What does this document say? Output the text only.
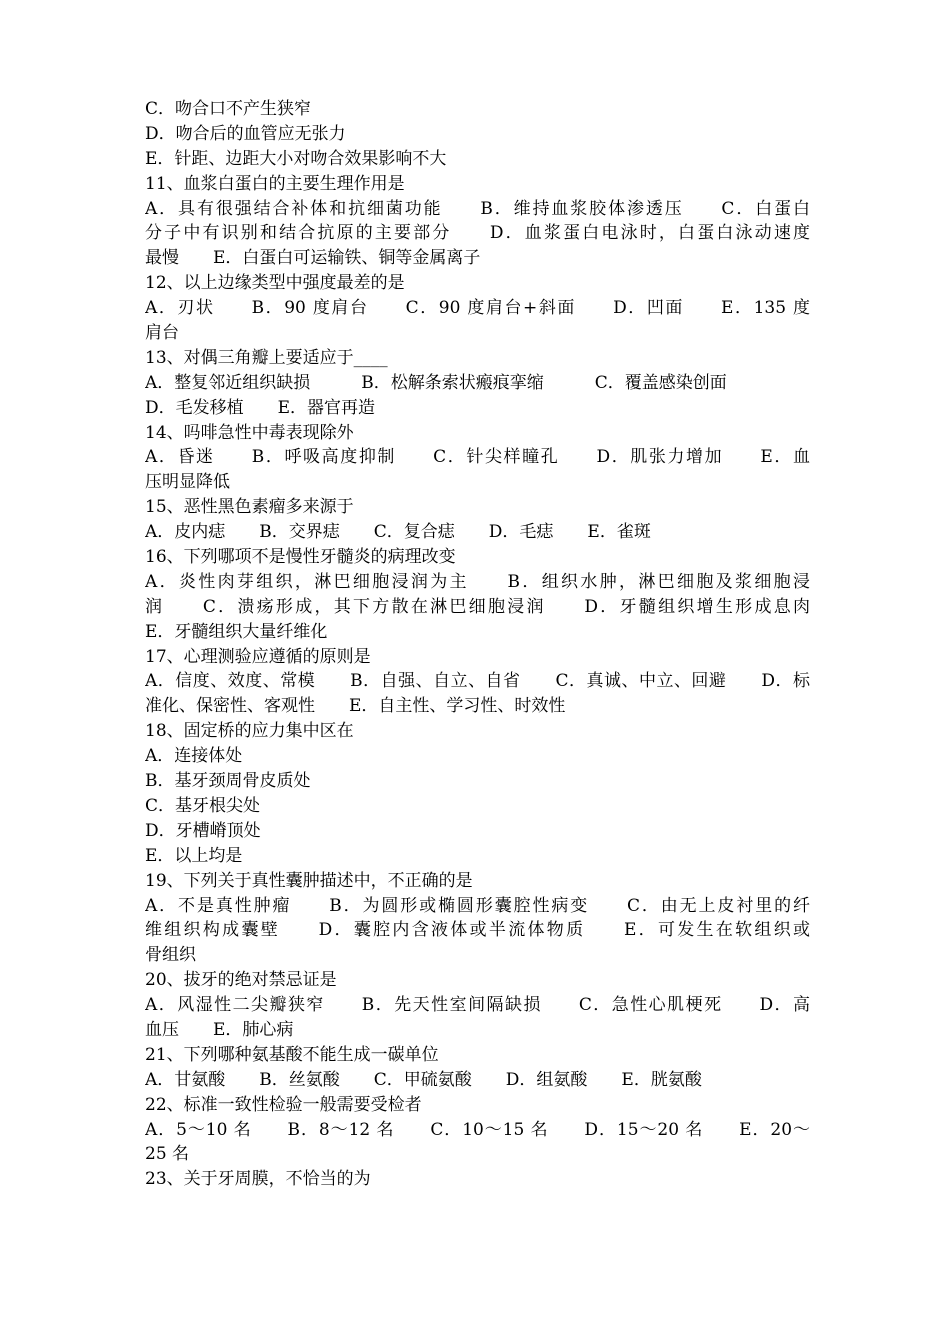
C．吻合口不产生狭窄
D．吻合后的血管应无张力
E．针距、边距大小对吻合效果影响不大
11、血浆白蛋白的主要生理作用是
A．具有很强结合补体和抗细菌功能　　B．维持血浆胶体渗透压　　C．白蛋白
分子中有识别和结合抗原的主要部分　　D．血浆蛋白电泳时，白蛋白泳动速度
最慢　　E．白蛋白可运输铁、铜等金属离子
12、以上边缘类型中强度最差的是
A．刃状　　B．90 度肩台　　C．90 度肩台+斜面　　D．凹面　　E．135 度
肩台
13、对偶三角瓣上要适应于____
A．整复邻近组织缺损　　　B．松解条索状瘢痕挛缩　　　C．覆盖感染创面
D．毛发移植　　E．器官再造
14、吗啡急性中毒表现除外
A．昏迷　　B．呼吸高度抑制　　C．针尖样瞳孔　　D．肌张力增加　　E．血
压明显降低
15、恶性黑色素瘤多来源于
A．皮内痣　　B．交界痣　　C．复合痣　　D．毛痣　　E．雀斑
16、下列哪项不是慢性牙髓炎的病理改变
A．炎性肉芽组织，淋巴细胞浸润为主　　B．组织水肿，淋巴细胞及浆细胞浸
润　　C．溃疡形成，其下方散在淋巴细胞浸润　　D．牙髓组织增生形成息肉
E．牙髓组织大量纤维化
17、心理测验应遵循的原则是
A．信度、效度、常模　　B．自强、自立、自省　　C．真诚、中立、回避　　D．标
准化、保密性、客观性　　E．自主性、学习性、时效性
18、固定桥的应力集中区在
A．连接体处
B．基牙颈周骨皮质处
C．基牙根尖处
D．牙槽嵴顶处
E．以上均是
19、下列关于真性囊肿描述中，不正确的是
A．不是真性肿瘤　　B．为圆形或椭圆形囊腔性病变　　C．由无上皮衬里的纤
维组织构成囊壁　　D．囊腔内含液体或半流体物质　　E．可发生在软组织或
骨组织
20、拔牙的绝对禁忌证是
A．风湿性二尖瓣狭窄　　B．先天性室间隔缺损　　C．急性心肌梗死　　D．高
血压　　E．肺心病
21、下列哪种氨基酸不能生成一碳单位
A．甘氨酸　　B．丝氨酸　　C．甲硫氨酸　　D．组氨酸　　E．胱氨酸
22、标准一致性检验一般需要受检者
A．5～10 名　　B．8～12 名　　C．10～15 名　　D．15～20 名　　E．20～
25 名
23、关于牙周膜，不恰当的为
